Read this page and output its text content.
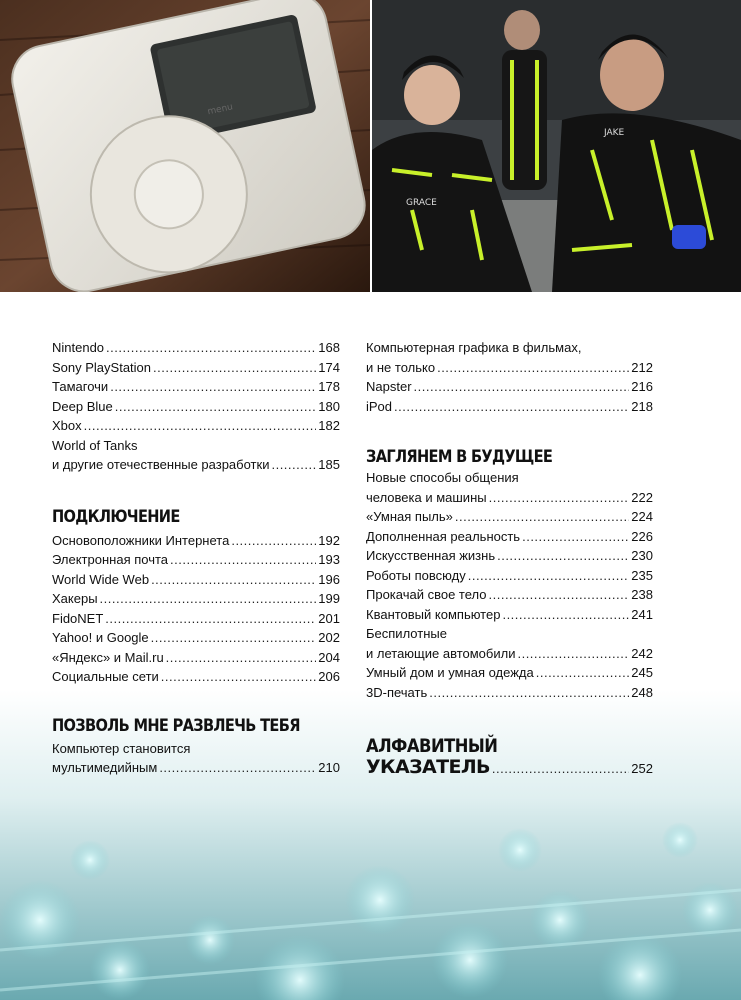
menu
GRACE
JAKE
Nintendo .....	168
Sony PlayStation .....	174
Тамагочи .....	178
Deep Blue .....	180
Xbox .....	182
World of Tanks
и другие отечественные разработки .....	185
ПОДКЛЮЧЕНИЕ
Основоположники Интернета .....	192
Электронная почта .....	193
World Wide Web .....	196
Хакеры .....	199
FidoNET .....	201
Yahoo! и Google .....	202
«Яндекс» и Mail.ru .....	204
Социальные сети .....	206
ПОЗВОЛЬ МНЕ РАЗВЛЕЧЬ ТЕБЯ
Компьютер становится
мультимедийным .....	210
Компьютерная графика в фильмах,
и не только .....	212
Napster .....	216
iPod .....	218
ЗАГЛЯНЕМ В БУДУЩЕЕ
Новые способы общения
человека и машины .....	222
«Умная пыль» .....	224
Дополненная реальность .....	226
Искусственная жизнь .....	230
Роботы повсюду .....	235
Прокачай свое тело .....	238
Квантовый компьютер .....	241
Беспилотные
и летающие автомобили .....	242
Умный дом и умная одежда .....	245
3D-печать .....	248
АЛФАВИТНЫЙ
УКАЗАТЕЛЬ .....	252
